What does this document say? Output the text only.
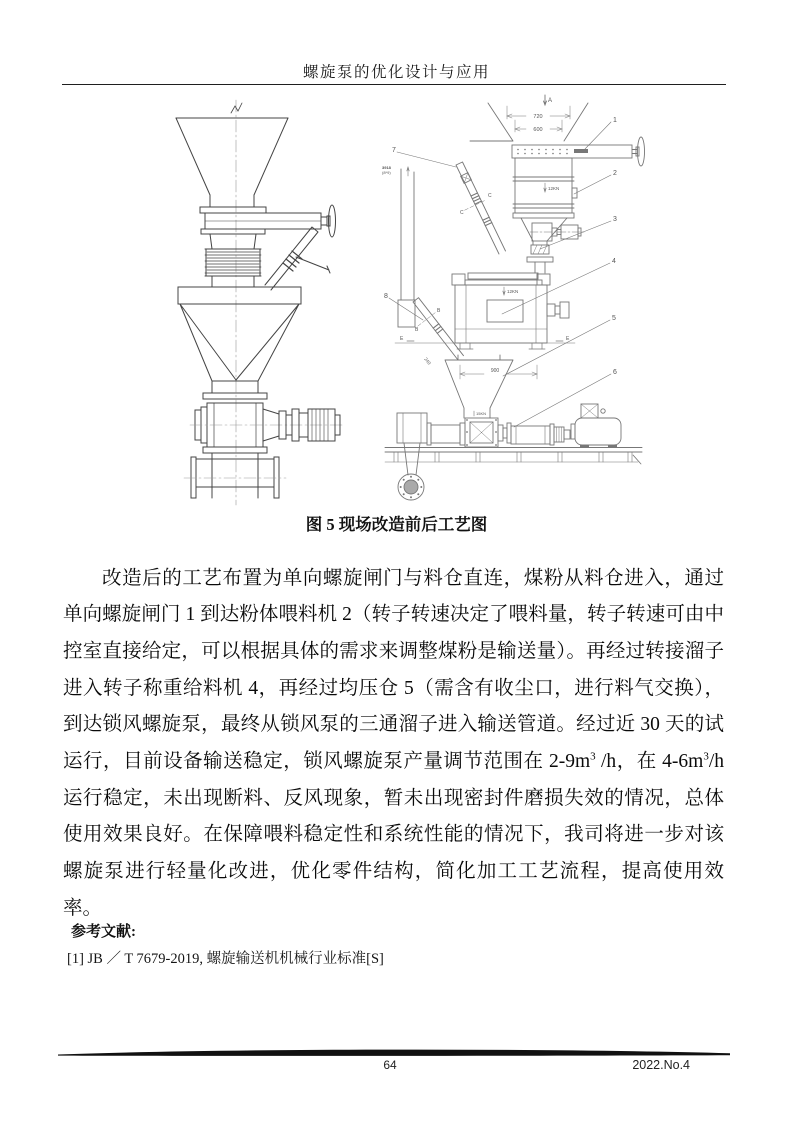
螺旋泵的优化设计与应用
A
720
600
1
2
3
4
5
6
7
8
12KN
12KN
15KN
900
240
3918
(8*9)
C
C
B
B
E	E
图 5 现场改造前后工艺图

改造后的工艺布置为单向螺旋闸门与料仓直连，煤粉从料仓进入，通过单向螺旋闸门 1 到达粉体喂料机 2（转子转速决定了喂料量，转子转速可由中控室直接给定，可以根据具体的需求来调整煤粉是输送量）。再经过转接溜子进入转子称重给料机 4，再经过均压仓 5（需含有收尘口，进行料气交换），到达锁风螺旋泵，最终从锁风泵的三通溜子进入输送管道。经过近 30 天的试运行，目前设备输送稳定，锁风螺旋泵产量调节范围在 $2-9m^3$ /h，在 $4-6m^3/h$ 运行稳定，未出现断料、反风现象，暂未出现密封件磨损失效的情况，总体使用效果良好。在保障喂料稳定性和系统性能的情况下，我司将进一步对该螺旋泵进行轻量化改进，优化零件结构，简化加工工艺流程，提高使用效率。

参考文献:
[1] JB ／ T 7679-2019, 螺旋输送机机械行业标准[S]
64	2022.No.4
